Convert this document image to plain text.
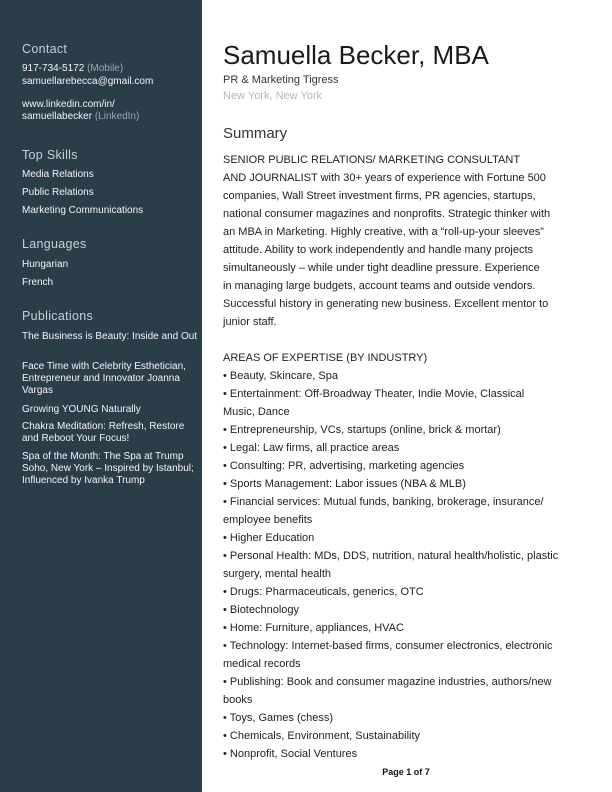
Contact
917-734-5172 (Mobile)
samuellarebecca@gmail.com
www.linkedin.com/in/
samuellabecker (LinkedIn)
Top Skills
Media Relations
Public Relations
Marketing Communications
Languages
Hungarian
French
Publications
The Business is Beauty: Inside and Out
Face Time with Celebrity Esthetician, Entrepreneur and Innovator Joanna Vargas
Growing YOUNG Naturally
Chakra Meditation: Refresh, Restore and Reboot Your Focus!
Spa of the Month: The Spa at Trump Soho, New York – Inspired by Istanbul; Influenced by Ivanka Trump
Samuella Becker, MBA
PR & Marketing Tigress
New York, New York
Summary
SENIOR PUBLIC RELATIONS/ MARKETING CONSULTANT
AND JOURNALIST with 30+ years of experience with Fortune 500
companies, Wall Street investment firms, PR agencies, startups,
national consumer magazines and nonprofits. Strategic thinker with
an MBA in Marketing. Highly creative, with a “roll-up-your sleeves”
attitude. Ability to work independently and handle many projects
simultaneously – while under tight deadline pressure. Experience
in managing large budgets, account teams and outside vendors.
Successful history in generating new business. Excellent mentor to
junior staff.
AREAS OF EXPERTISE (BY INDUSTRY)
• Beauty, Skincare, Spa
• Entertainment: Off-Broadway Theater, Indie Movie, Classical
Music, Dance
• Entrepreneurship, VCs, startups (online, brick & mortar)
• Legal: Law firms, all practice areas
• Consulting: PR, advertising, marketing agencies
• Sports Management: Labor issues (NBA & MLB)
• Financial services: Mutual funds, banking, brokerage, insurance/
employee benefits
• Higher Education
• Personal Health: MDs, DDS, nutrition, natural health/holistic, plastic
surgery, mental health
• Drugs: Pharmaceuticals, generics, OTC
• Biotechnology
• Home: Furniture, appliances, HVAC
• Technology: Internet-based firms, consumer electronics, electronic
medical records
• Publishing: Book and consumer magazine industries, authors/new
books
• Toys, Games (chess)
• Chemicals, Environment, Sustainability
• Nonprofit, Social Ventures
Page 1 of 7
